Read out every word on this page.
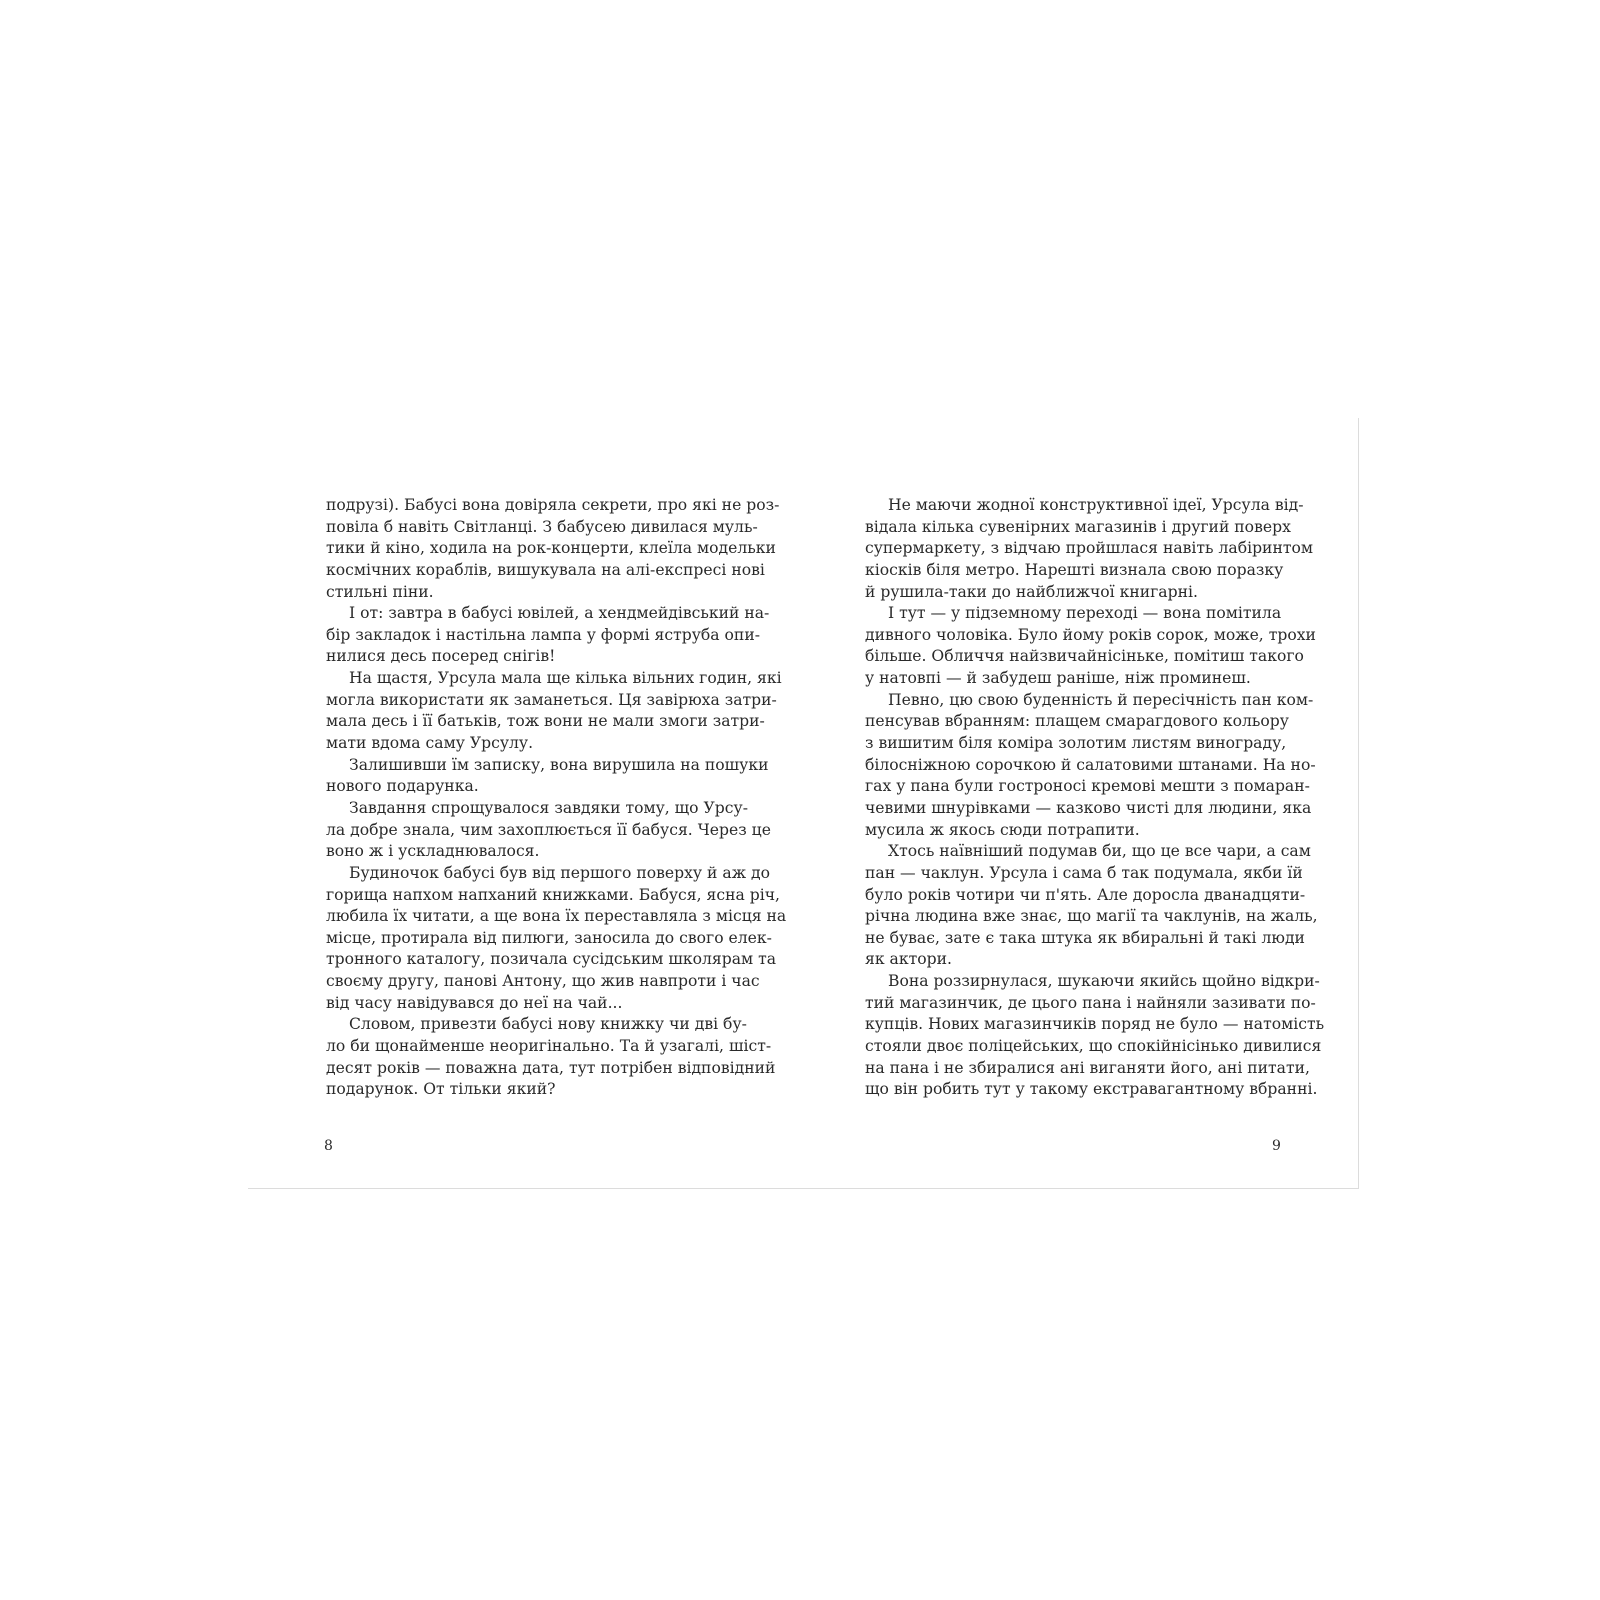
подрузі). Бабусі вона довіряла секрети, про які не роз-
повіла б навіть Світланці. З бабусею дивилася муль-
тики й кіно, ходила на рок-концерти, клеїла модельки
космічних кораблів, вишукувала на алі-експресі нові
стильні піни.
І от: завтра в бабусі ювілей, а хендмейдівський на-
бір закладок і настільна лампа у формі яструба опи-
нилися десь посеред снігів!
На щастя, Урсула мала ще кілька вільних годин, які
могла використати як заманеться. Ця завірюха затри-
мала десь і її батьків, тож вони не мали змоги затри-
мати вдома саму Урсулу.
Залишивши їм записку, вона вирушила на пошуки
нового подарунка.
Завдання спрощувалося завдяки тому, що Урсу-
ла добре знала, чим захоплюється її бабуся. Через це
воно ж і ускладнювалося.
Будиночок бабусі був від першого поверху й аж до
горища напхом напханий книжками. Бабуся, ясна річ,
любила їх читати, а ще вона їх переставляла з місця на
місце, протирала від пилюги, заносила до свого елек-
тронного каталогу, позичала сусідським школярам та
своєму другу, панові Антону, що жив навпроти і час
від часу навідувався до неї на чай...
Словом, привезти бабусі нову книжку чи дві бу-
ло би щонайменше неоригінально. Та й узагалі, шіст-
десят років — поважна дата, тут потрібен відповідний
подарунок. От тільки який?
Не маючи жодної конструктивної ідеї, Урсула від-
відала кілька сувенірних магазинів і другий поверх
супермаркету, з відчаю пройшлася навіть лабіринтом
кіосків біля метро. Нарешті визнала свою поразку
й рушила-таки до найближчої книгарні.
І тут — у підземному переході — вона помітила
дивного чоловіка. Було йому років сорок, може, трохи
більше. Обличчя найзвичайнісіньке, помітиш такого
у натовпі — й забудеш раніше, ніж проминеш.
Певно, цю свою буденність й пересічність пан ком-
пенсував вбранням: плащем смарагдового кольору
з вишитим біля коміра золотим листям винограду,
білосніжною сорочкою й салатовими штанами. На но-
гах у пана були гостроносі кремові мешти з помаран-
чевими шнурівками — казково чисті для людини, яка
мусила ж якось сюди потрапити.
Хтось наївніший подумав би, що це все чари, а сам
пан — чаклун. Урсула і сама б так подумала, якби їй
було років чотири чи п'ять. Але доросла дванадцяти-
річна людина вже знає, що магії та чаклунів, на жаль,
не буває, зате є така штука як вбиральні й такі люди
як актори.
Вона роззирнулася, шукаючи якийсь щойно відкри-
тий магазинчик, де цього пана і найняли зазивати по-
купців. Нових магазинчиків поряд не було — натомість
стояли двоє поліцейських, що спокійнісінько дивилися
на пана і не збиралися ані виганяти його, ані питати,
що він робить тут у такому екстравагантному вбранні.
8	9
